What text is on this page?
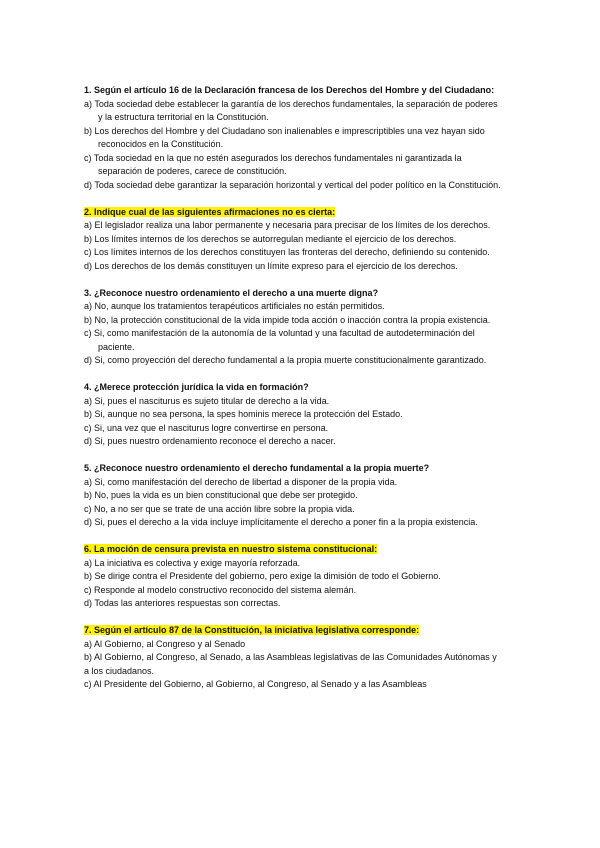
1. Según el artículo 16 de la Declaración francesa de los Derechos del Hombre y del Ciudadano:
a) Toda sociedad debe establecer la garantía de los derechos fundamentales, la separación de poderes y la estructura territorial en la Constitución.
b) Los derechos del Hombre y del Ciudadano son inalienables e imprescriptibles una vez hayan sido reconocidos en la Constitución.
c) Toda sociedad en la que no estén asegurados los derechos fundamentales ni garantizada la separación de poderes, carece de constitución.
d) Toda sociedad debe garantizar la separación horizontal y vertical del poder político en la Constitución.
2. Indique cual de las siguientes afirmaciones no es cierta:
a) El legislador realiza una labor permanente y necesaria para precisar de los límites de los derechos.
b) Los límites internos de los derechos se autorregulan mediante el ejercicio de los derechos.
c) Los límites internos de los derechos constituyen las fronteras del derecho, definiendo su contenido.
d) Los derechos de los demás constituyen un límite expreso para el ejercicio de los derechos.
3. ¿Reconoce nuestro ordenamiento el derecho a una muerte digna?
a) No, aunque los tratamientos terapéuticos artificiales no están permitidos.
b) No, la protección constitucional de la vida impide toda acción o inacción contra la propia existencia.
c) Si, como manifestación de la autonomía de la voluntad y una facultad de autodeterminación del paciente.
d) Si, como proyección del derecho fundamental a la propia muerte constitucionalmente garantizado.
4. ¿Merece protección jurídica la vida en formación?
a) Si, pues el nasciturus es sujeto titular de derecho a la vida.
b) Si, aunque no sea persona, la spes hominis merece la protección del Estado.
c) Si, una vez que el nasciturus logre convertirse en persona.
d) Si, pues nuestro ordenamiento reconoce el derecho a nacer.
5. ¿Reconoce nuestro ordenamiento el derecho fundamental a la propia muerte?
a) Si, como manifestación del derecho de libertad a disponer de la propia vida.
b) No, pues la vida es un bien constitucional que debe ser protegido.
c) No, a no ser que se trate de una acción libre sobre la propia vida.
d) Si, pues el derecho a la vida incluye implícitamente el derecho a poner fin a la propia existencia.
6. La moción de censura prevista en nuestro sistema constitucional:
a) La iniciativa es colectiva y exige mayoría reforzada.
b) Se dirige contra el Presidente del gobierno, pero exige la dimisión de todo el Gobierno.
c) Responde al modelo constructivo reconocido del sistema alemán.
d) Todas las anteriores respuestas son correctas.
7. Según el artículo 87 de la Constitución, la iniciativa legislativa corresponde:
a) Al Gobierno, al Congreso y al Senado
b) Al Gobierno, al Congreso, al Senado, a las Asambleas legislativas de las Comunidades Autónomas y a los ciudadanos.
c) Al Presidente del Gobierno, al Gobierno, al Congreso, al Senado y a las Asambleas
